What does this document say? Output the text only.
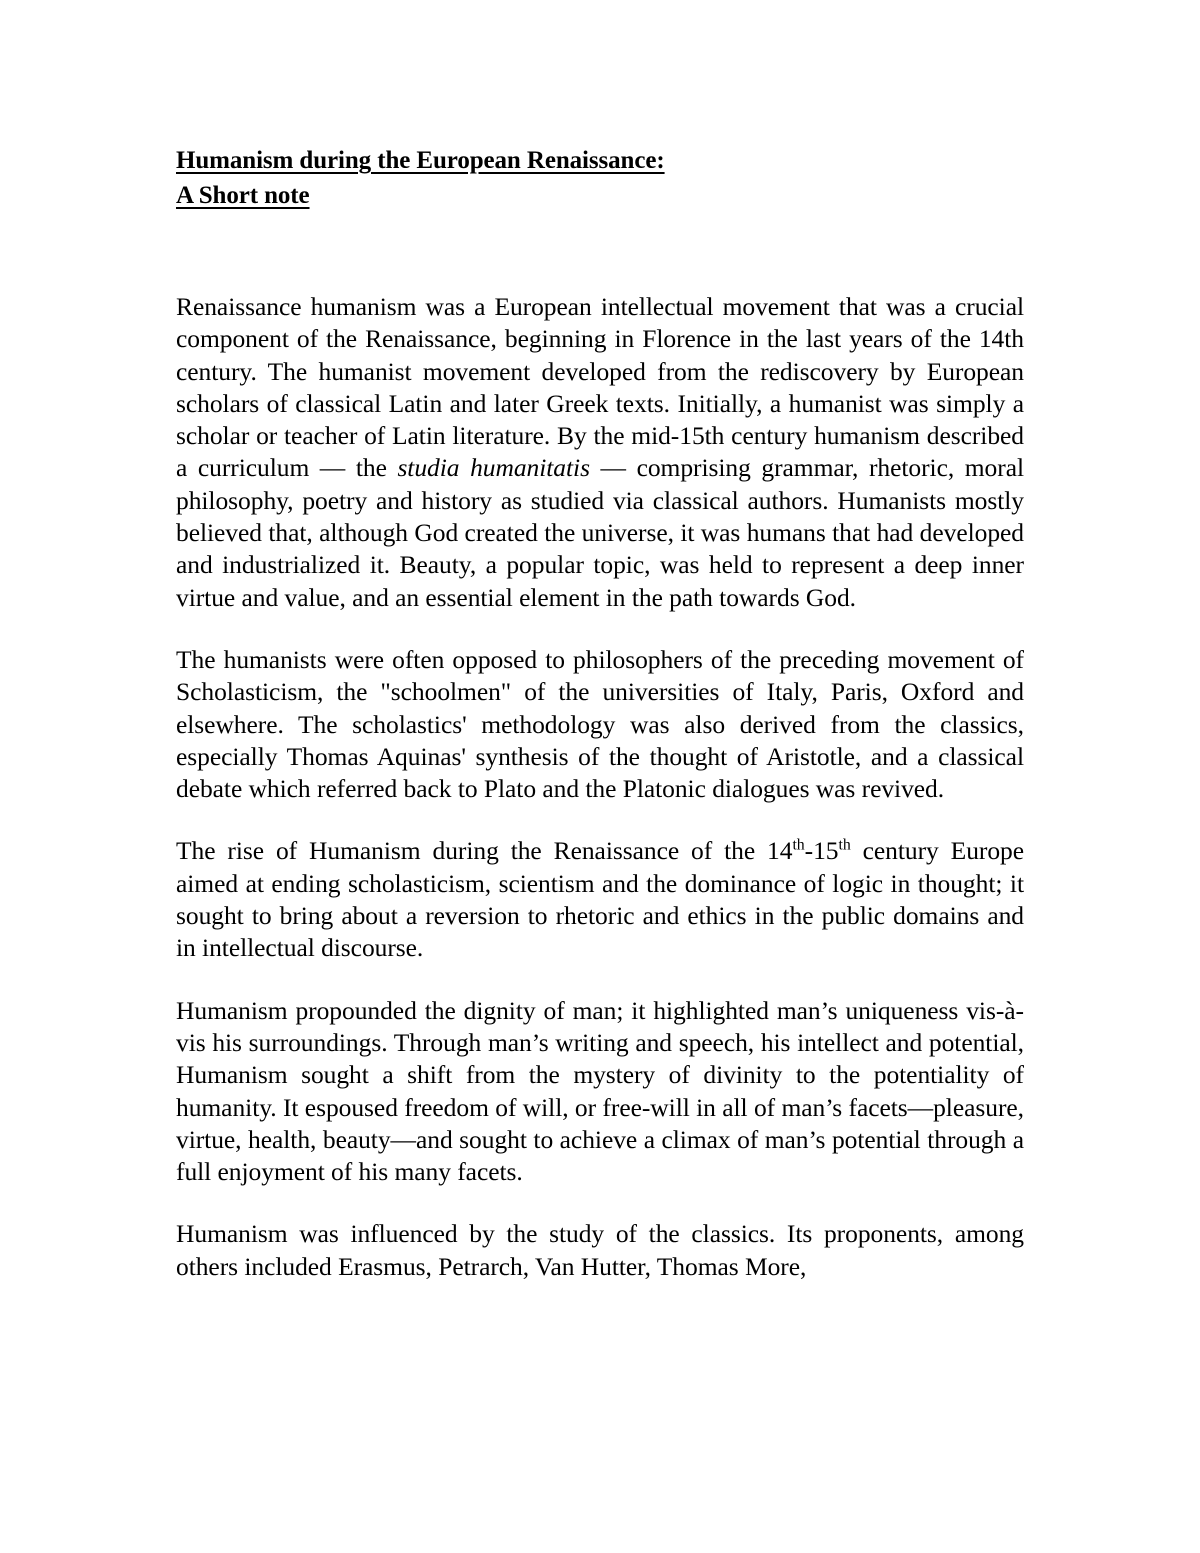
Humanism during the European Renaissance:
A Short note

Renaissance humanism was a European intellectual movement that was a crucial component of the Renaissance, beginning in Florence in the last years of the 14th century. The humanist movement developed from the rediscovery by European scholars of classical Latin and later Greek texts. Initially, a humanist was simply a scholar or teacher of Latin literature. By the mid-15th century humanism described a curriculum — the studia humanitatis — comprising grammar, rhetoric, moral philosophy, poetry and history as studied via classical authors. Humanists mostly believed that, although God created the universe, it was humans that had developed and industrialized it. Beauty, a popular topic, was held to represent a deep inner virtue and value, and an essential element in the path towards God.

The humanists were often opposed to philosophers of the preceding movement of Scholasticism, the "schoolmen" of the universities of Italy, Paris, Oxford and elsewhere. The scholastics' methodology was also derived from the classics, especially Thomas Aquinas' synthesis of the thought of Aristotle, and a classical debate which referred back to Plato and the Platonic dialogues was revived.

The rise of Humanism during the Renaissance of the 14th-15th century Europe aimed at ending scholasticism, scientism and the dominance of logic in thought; it sought to bring about a reversion to rhetoric and ethics in the public domains and in intellectual discourse.

Humanism propounded the dignity of man; it highlighted man’s uniqueness vis-à-vis his surroundings. Through man’s writing and speech, his intellect and potential, Humanism sought a shift from the mystery of divinity to the potentiality of humanity. It espoused freedom of will, or free-will in all of man’s facets—pleasure, virtue, health, beauty—and sought to achieve a climax of man’s potential through a full enjoyment of his many facets.

Humanism was influenced by the study of the classics. Its proponents, among others included Erasmus, Petrarch, Van Hutter, Thomas More,
